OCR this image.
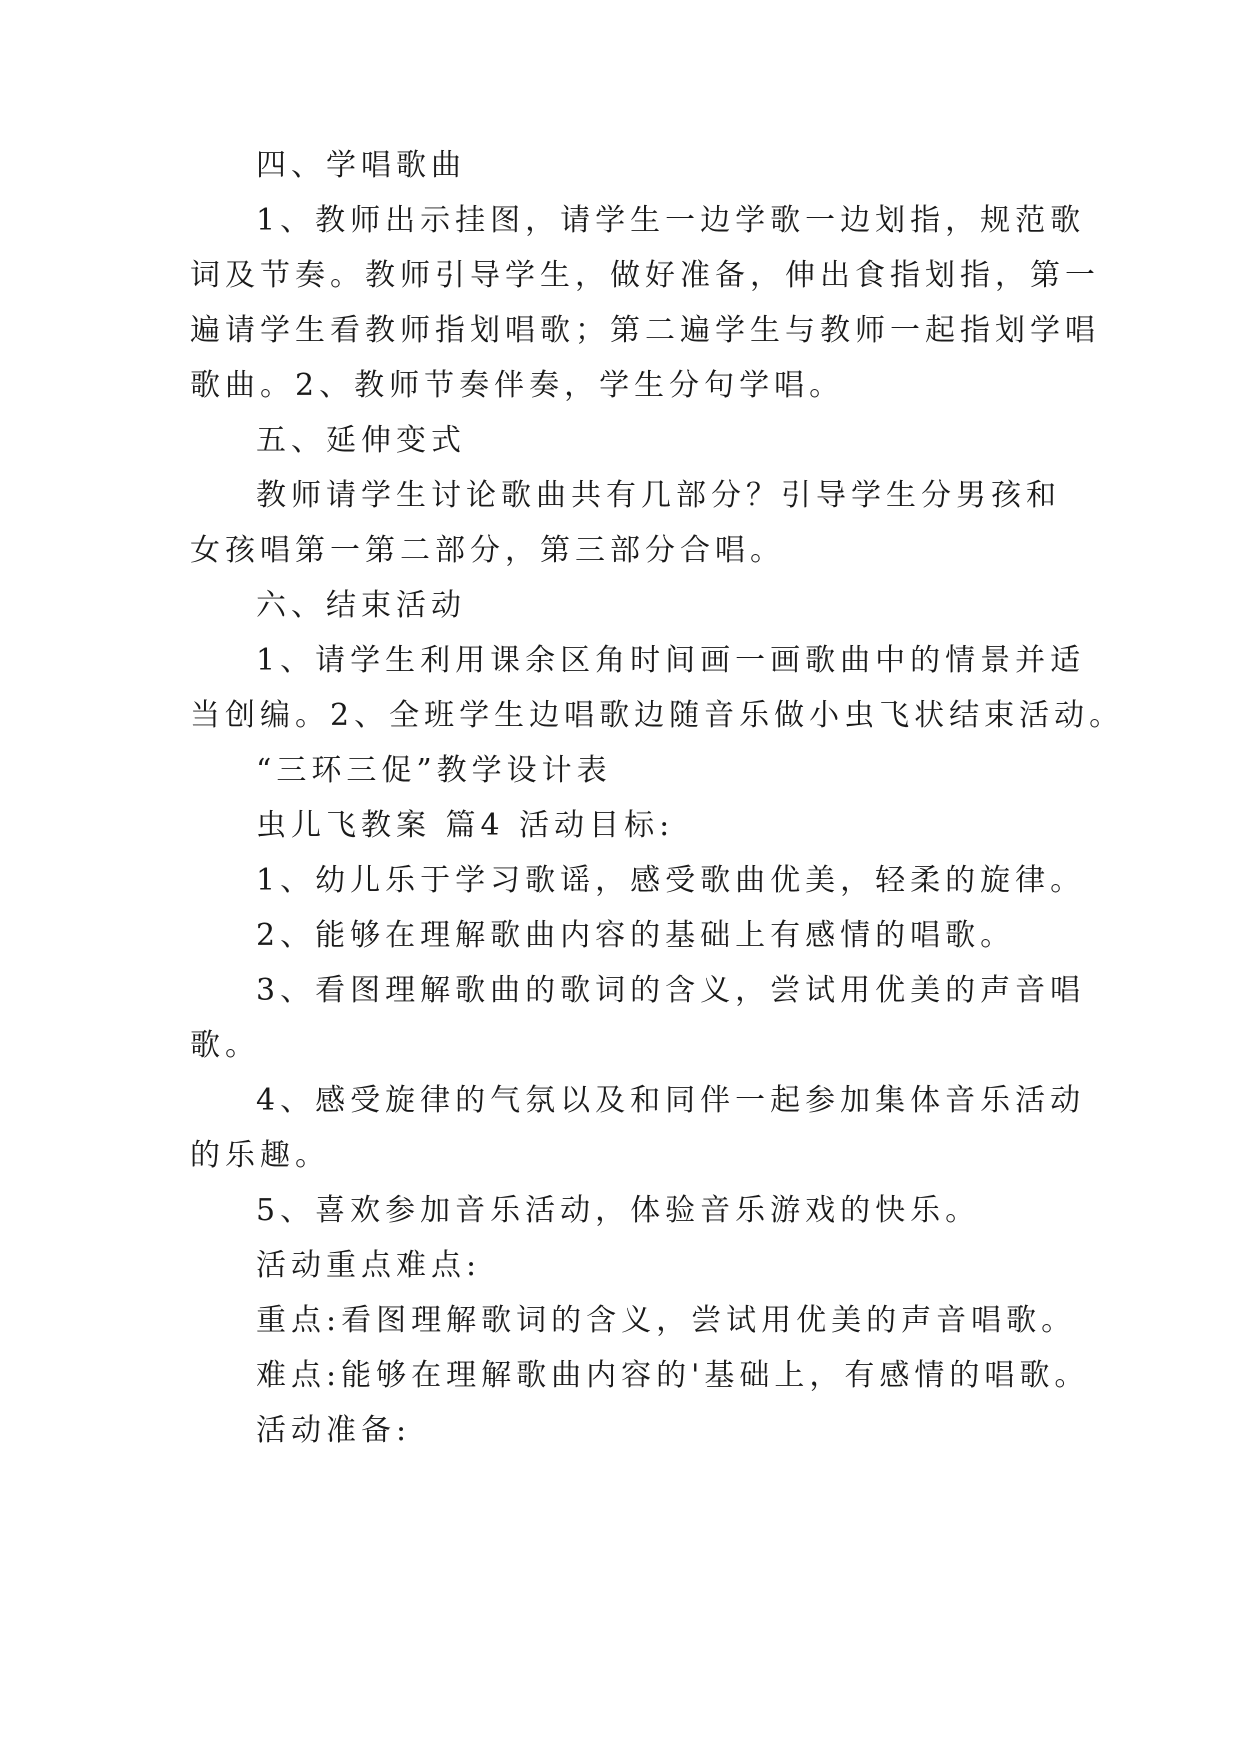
四、学唱歌曲
1、教师出示挂图，请学生一边学歌一边划指，规范歌
词及节奏。教师引导学生，做好准备，伸出食指划指，第一
遍请学生看教师指划唱歌；第二遍学生与教师一起指划学唱
歌曲。2、教师节奏伴奏，学生分句学唱。
五、延伸变式
教师请学生讨论歌曲共有几部分？引导学生分男孩和
女孩唱第一第二部分，第三部分合唱。
六、结束活动
1、请学生利用课余区角时间画一画歌曲中的情景并适
当创编。2、全班学生边唱歌边随音乐做小虫飞状结束活动。
“三环三促”教学设计表
虫儿飞教案 篇4 活动目标:
1、幼儿乐于学习歌谣，感受歌曲优美，轻柔的旋律。
2、能够在理解歌曲内容的基础上有感情的唱歌。
3、看图理解歌曲的歌词的含义，尝试用优美的声音唱
歌。
4、感受旋律的气氛以及和同伴一起参加集体音乐活动
的乐趣。
5、喜欢参加音乐活动，体验音乐游戏的快乐。
活动重点难点:
重点:看图理解歌词的含义，尝试用优美的声音唱歌。
难点:能够在理解歌曲内容的'基础上，有感情的唱歌。
活动准备:
